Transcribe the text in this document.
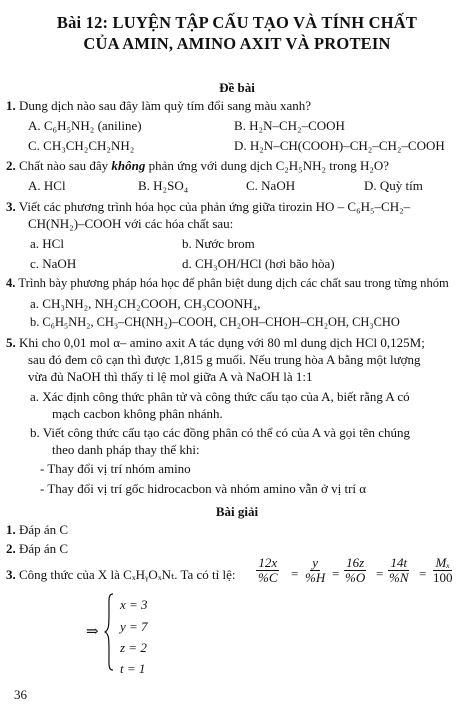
Bài 12: LUYỆN TẬP CẤU TẠO VÀ TÍNH CHẤT
CỦA AMIN, AMINO AXIT VÀ PROTEIN
Đề bài
1. Dung dịch nào sau đây làm quỳ tím đổi sang màu xanh?
A. C₆H₅NH₂ (aniline)	B. H₂N–CH₂–COOH
C. CH₃CH₂CH₂NH₂	D. H₂N–CH(COOH)–CH₂–CH₂–COOH
2. Chất nào sau đây không phản ứng với dung dịch C₂H₅NH₂ trong H₂O?
A. HCl	B. H₂SO₄	C. NaOH	D. Quỳ tím
3. Viết các phương trình hóa học của phản ứng giữa tirozin HO – C₆H₅–CH₂–
CH(NH₂)–COOH với các hóa chất sau:
a. HCl	b. Nước brom
c. NaOH	d. CH₃OH/HCl (hơi bão hòa)
4. Trình bày phương pháp hóa học để phân biệt dung dịch các chất sau trong từng nhóm
a. CH₃NH₂, NH₂CH₂COOH, CH₃COONH₄,
b. C₆H₅NH₂, CH₃–CH(NH₂)–COOH, CH₂OH–CHOH–CH₂OH, CH₃CHO
5. Khi cho 0,01 mol α– amino axit A tác dụng với 80 ml dung dịch HCl 0,125M;
sau đó đem cô cạn thì được 1,815 g muối. Nếu trung hòa A bằng một lượng
vừa đủ NaOH thì thấy tỉ lệ mol giữa A và NaOH là 1:1
a. Xác định công thức phân tử và công thức cấu tạo của A, biết rằng A có
mạch cacbon không phân nhánh.
b. Viết công thức cấu tạo các đồng phân có thể có của A và gọi tên chúng
theo danh pháp thay thế khi:
- Thay đổi vị trí nhóm amino
- Thay đổi vị trí gốc hidrocacbon và nhóm amino vẫn ở vị trí α
Bài giải
1. Đáp án C
2. Đáp án C
3. Công thức của X là CₓHᵧOₓNₜ. Ta có tỉ lệ: $\frac{12x}{\%C} = \frac{y}{\%H} = \frac{16z}{\%O} = \frac{14t}{\%N} = \frac{\text{Mₓ}}{100}$
⇒
x = 3
y = 7
z = 2
t = 1
36
